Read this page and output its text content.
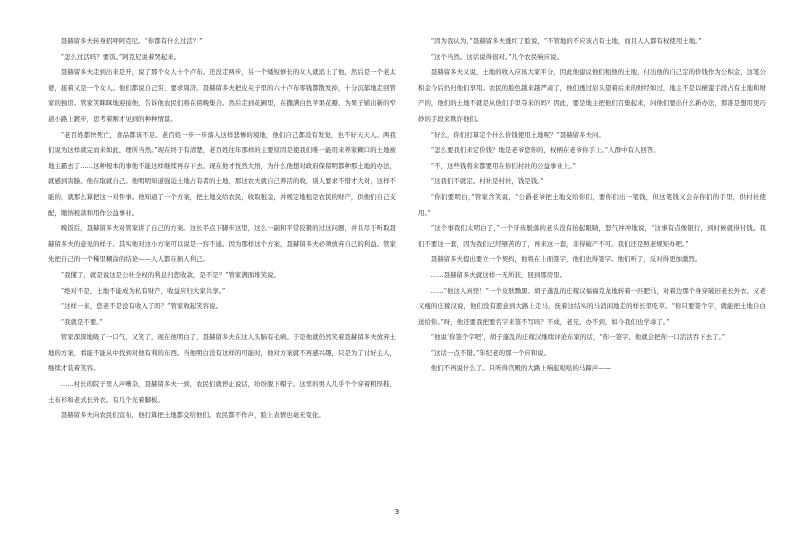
聂赫留多夫转身招呼阿克尼。“你都有什么过活？”

“怎么过活吗？要饭。”阿克尼说着哭起来。

聂赫留多夫走到出来是开，说了那个女人十个卢布。还没走两步，另一个矮短修长的女人就追上了他，然后是一个老太婆，接着又是一个女人。他们都说自己穷，要求周济。聂赫留多夫把皮夹子里的六十卢布零钱都散发掉，十分沉郁地走回管家的独房。管家笑眯眯地迎接他，告诉他农民们将在傍晚集合。然后走到花圃里，在撒满白色苹果花瓣、为果子铺出新的窄道小路上踱步，思考着刚才见到的种种情景。

“老百姓都快死亡，食品都该不足。老百姓一步一步落入这样悲惨的境地，他们自己都没有发觉，也不好天天人。两我们说为这样就完而来如此，理所当然。”现在终于有清楚，老百姓往年那样的主要原因是使我们唯一能用来养家糊口的土地被地主霸去了……这种根本的事他不能这样继续再存下去。现在他才恍然大悟，为什么他想对政府保留明都种那土地的办法，就感到害臊。他在取就自己。他明明知道强迫土地占有者的土地，那这农夫就自己养活的收，别人要求不惜才大对，这样不能的，就那么算把这一对件事。他知道了一个方案，把土地交给农民，收取租金，并规定地租是农民的财产，供他们自己支配，缴纳税款和用作公益事业。

晚饭后，聂赫留多夫对管家讲了自己的方案。这长半点下脚步这里，这么一副和平常狡猾的过这问题，并且尽于听取聂赫留多夫的意见的样子。其实他对这小方案可以说是一窍不通。因为那样这个方案，聂赫留多夫必须放弃自己的利益。管家先把自己的一个稀里糊涂的结论——人人都在损人利己。

“我懂了，就是说这是公社全权的利息归您收款，是不是？”管家满面堆笑说。

“绝对不是，土地不能成为私有财产，收益应归大家共享。”

“这样一来，您老不是没有收入了吗？”管家收起笑容说。

“我就是不要。”

管家深深地吸了一口气，又笑了，现在他明白了，聂赫留多夫在这人头脑有毛病。于是他就仍然笑着聂赫留多夫放弃土地的方案，看能不能从中找到对他有利的东西。当他明白没有这样的可能时，他对方案就不再感兴趣，只是为了讨好主人，继续才装着笑容。

……村长的院子里人声嘈杂，聂赫留多夫一到，农民们就停止说话，纷纷脱下帽子。这里的男人几乎个个穿着粗厚鞋、土布衫和老式长外衣。有几个光着脚板。

聂赫留多夫向农民们宣布，他打算把土地都交给他们。农民都不作声，脸上表情也毫无变化。

“因为我认为，”聂赫留多夫涨红了脸说，“不管地的不应该占有土地，而且人人都有权使用土地。”

“这个当然。这话说得很对。”几个农民响应说。

聂赫留多夫又说，土地的收入应该大家平分，因此他建议他们租他的土地，付出他的自己定的价钱作为公积金，这笔公积金今后仍归他们享用。农民的脸色越来越严肃了，他们透过眉头望着后来的财经如过，地主不是以横蛮手段占有土地和财产的，他们的土地不就是从他们手里夺来的吗？因此，要是地主把他们召集起来，问他们要出什么新办法，那准是想用更巧妙的手段来欺诈他们。

“好么，你们打算定个什么价钱使用土地呢？”聂赫留多夫问。

“怎么要我们来定价钱？地是老爷您你的，权柄在老爷你手上。”人群中有人回答。

“不，这些钱将来都要用在你们村社的公益事业上。”

“这我们不就定。村社是村社，钱是钱。”

“你们要明白，”管家含笑说，“公爵老爷把土地交给你们，要你们出一笔钱，但这笔钱又会存你们的手里，供村社使用。”

“这个事我们太明白了，”一个牙齿脱落的老头没有抬起眼睛，怒气冲冲地说，“这事有点像银行，到时候就得付钱。我们不要这一套，因为我们已经够苦的了，再来这一套，非得破产不可。我们还是照老规矩办吧。”

聂赫留多夫提出要立一个契约，他将在上面签字，他们也得签字。他们听了，反对得更加激烈。

……聂赫留多夫就这样一无所获，回到那房里。

……“他这人真怪！”一个皮肤黝黑、胡子蓬乱的庄稼汉福福克龙地转着一匹肥马，对着边那个身穿破旧老长外衣、又老又瘦的庄稼汉说，他们没有愿意到大路上走马，抚着这结实的马消闲地走的样长里吃草。“你只要签个字，就能把土地自白送给你。”呀，他还要我把要名字来签不写吗？不成，老兄，办不到，如今我们也学乖了。”

“他说‘你签个字吧’，胡子蓬乱的庄稼汉继续评论东家的话，“你一签字，他就会把你一口活活吞下去了。”

“这话一点不错。”年纪老的那一个应和说。

他们不再说什么了。只听得宫殿的大路上响起哒哒的马蹄声——

3
